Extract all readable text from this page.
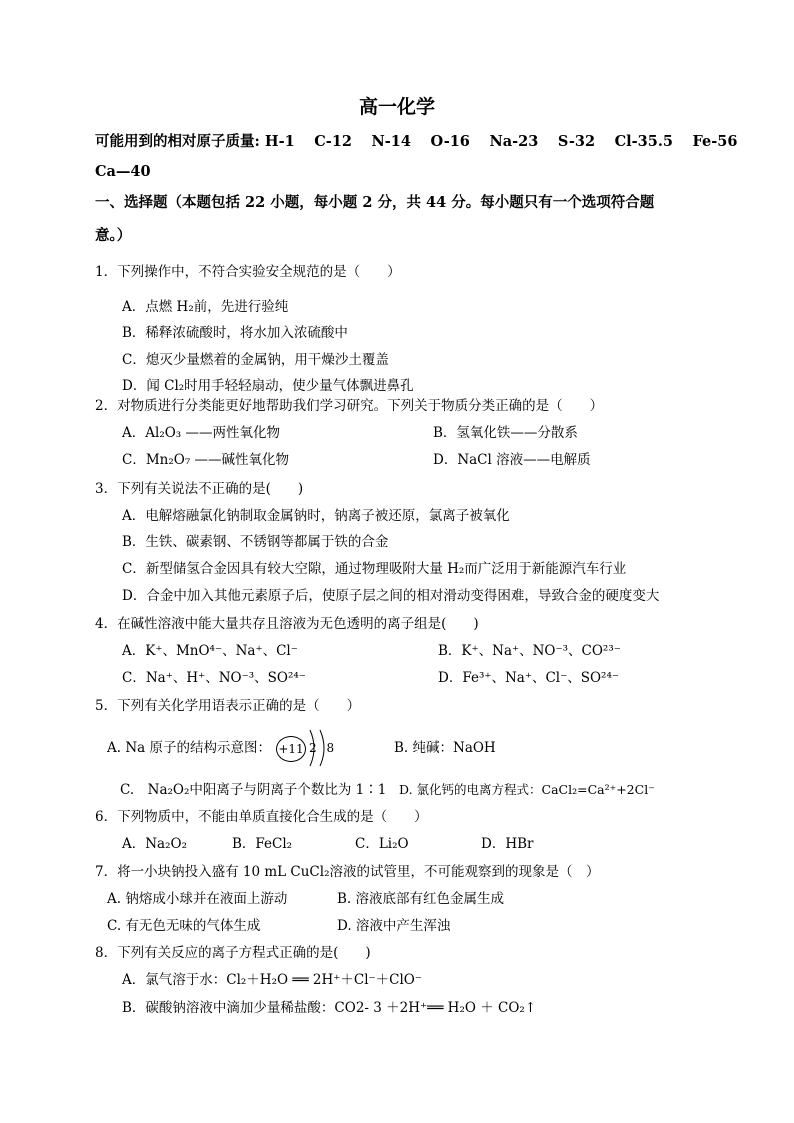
高一化学
可能用到的相对原子质量: H-1　 C-12　 N-14　 O-16　 Na-23　 S-32　 Cl-35.5　 Fe-56
Ca—40
一、选择题（本题包括 22 小题，每小题 2 分，共 44 分。每小题只有一个选项符合题
意。）
1．下列操作中，不符合实验安全规范的是（　　）
A．点燃 H₂前，先进行验纯
B．稀释浓硫酸时，将水加入浓硫酸中
C．熄灭少量燃着的金属钠，用干燥沙土覆盖
D．闻 Cl₂时用手轻轻扇动，使少量气体飘进鼻孔
2．对物质进行分类能更好地帮助我们学习研究。下列关于物质分类正确的是（　　）
A．Al₂O₃ ——两性氧化物	B．氢氧化铁——分散系
C．Mn₂O₇ ——碱性氧化物	D．NaCl 溶液——电解质
3．下列有关说法不正确的是(　　)
A．电解熔融氯化钠制取金属钠时，钠离子被还原，氯离子被氧化
B．生铁、碳素钢、不锈钢等都属于铁的合金
C．新型储氢合金因具有较大空隙，通过物理吸附大量 H₂而广泛用于新能源汽车行业
D．合金中加入其他元素原子后，使原子层之间的相对滑动变得困难，导致合金的硬度变大
4．在碱性溶液中能大量共存且溶液为无色透明的离子组是(　　)
A．K⁺、MnO⁴⁻、Na⁺、Cl⁻	B．K⁺、Na⁺、NO⁻³、CO²³⁻
C．Na⁺、H⁺、NO⁻³、SO²⁴⁻	D．Fe³⁺、Na⁺、Cl⁻、SO²⁴⁻
5．下列有关化学用语表示正确的是（　　）
A. Na 原子的结构示意图： +11 2 8	B. 纯碱：NaOH
C.　Na₂O₂中阳离子与阴离子个数比为 1∶1 D. 氯化钙的电离方程式：CaCl₂=Ca²⁺+2Cl⁻
6．下列物质中，不能由单质直接化合生成的是（　　）
A．Na₂O₂	B．FeCl₂	C．Li₂O	D．HBr
7．将一小块钠投入盛有 10 mL CuCl₂溶液的试管里，不可能观察到的现象是（　）
A. 钠熔成小球并在液面上游动	B. 溶液底部有红色金属生成
C. 有无色无味的气体生成	D. 溶液中产生浑浊
8．下列有关反应的离子方程式正确的是(　　)
A．氯气溶于水：Cl₂＋H₂O ══ 2H⁺＋Cl⁻＋ClO⁻
B．碳酸钠溶液中滴加少量稀盐酸：CO2- 3 ＋2H⁺══ H₂O ＋ CO₂↑
